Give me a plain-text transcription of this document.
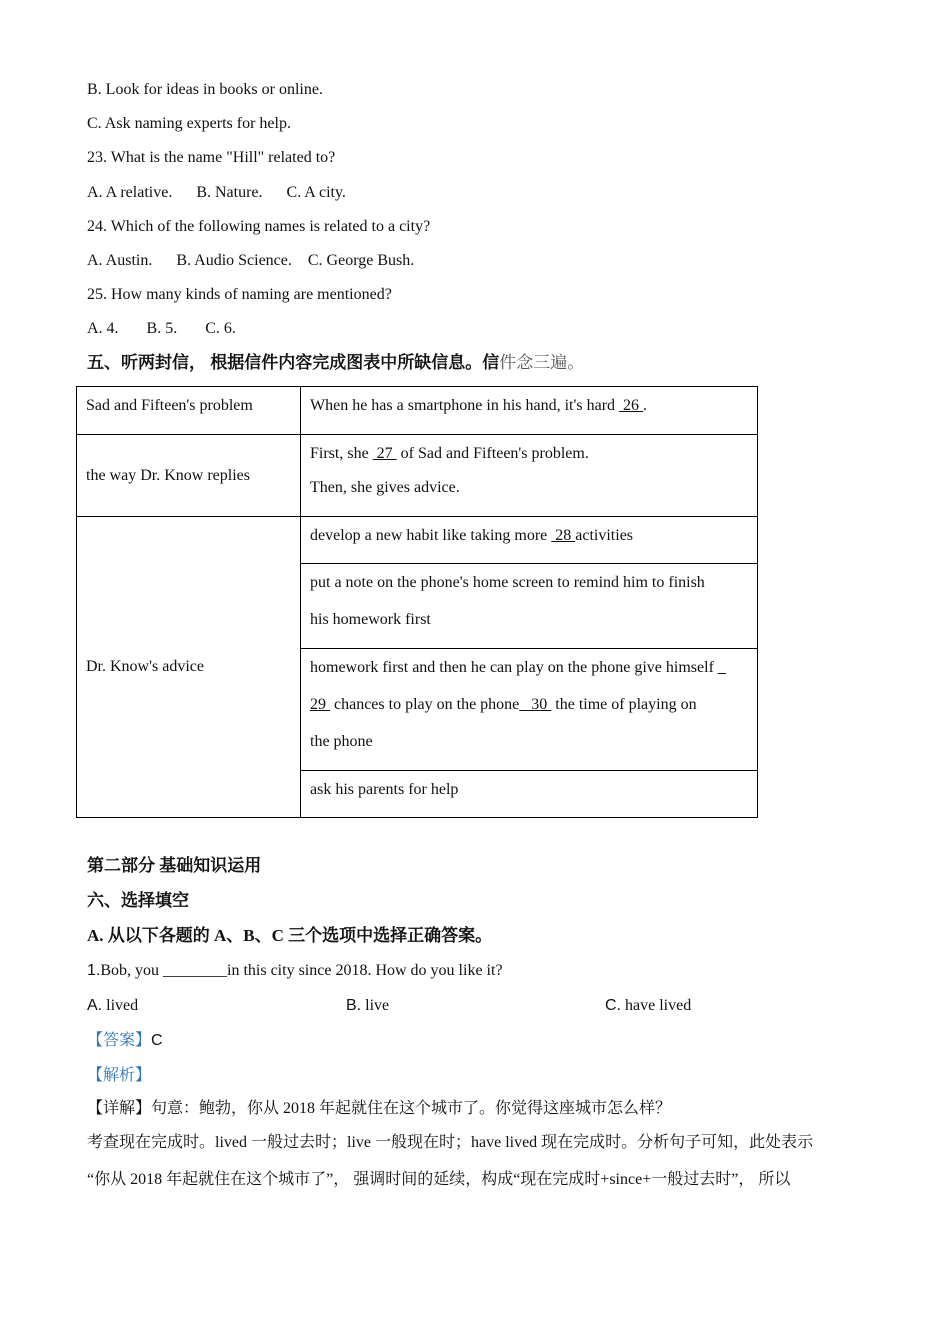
B. Look for ideas in books or online.
C. Ask naming experts for help.
23. What is the name "Hill" related to?
A. A relative.      B. Nature.      C. A city.
24. Which of the following names is related to a city?
A. Austin.      B. Audio Science.    C. George Bush.
25. How many kinds of naming are mentioned?
A. 4.       B. 5.       C. 6.
五、听两封信， 根据信件内容完成图表中所缺信息。信件念三遍。
Sad and Fifteen's problem	When he has a smartphone in his hand, it's hard  26 .

the way Dr. Know replies	First, she  27  of Sad and Fifteen's problem.
Then, she gives advice.

Dr. Know's advice	develop a new habit like taking more  28 activities

	put a note on the phone's home screen to remind him to finish
his homework first

	homework first and then he can play on the phone give himself _
29  chances to play on the phone   30  the time of playing on
the phone

	ask his parents for help
第二部分 基础知识运用
六、选择填空
A. 从以下各题的 A、B、C 三个选项中选择正确答案。
1.Bob, you ________in this city since 2018. How do you like it?
A. lived	B. live	C. have lived
【答案】C
【解析】
【详解】句意：鲍勃，你从 2018 年起就住在这个城市了。你觉得这座城市怎么样？
考查现在完成时。lived 一般过去时；live 一般现在时；have lived 现在完成时。分析句子可知，此处表示
“你从 2018 年起就住在这个城市了”， 强调时间的延续，构成“现在完成时+since+一般过去时”， 所以
